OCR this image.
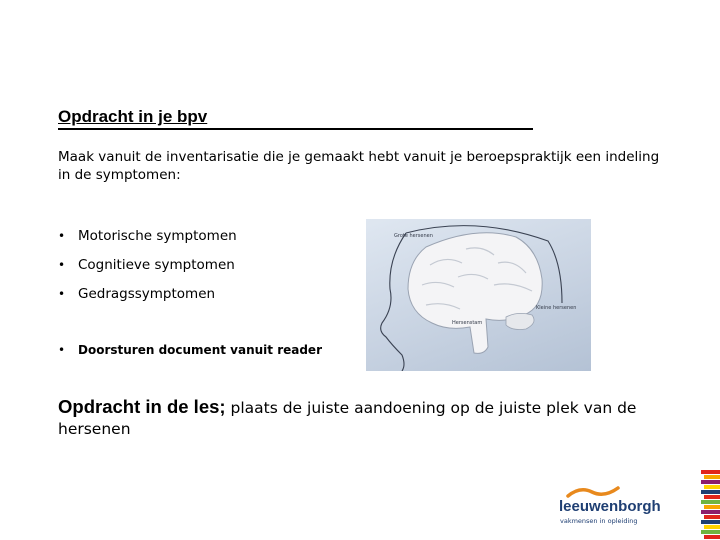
Opdracht in je bpv

Maak vanuit de inventarisatie die je gemaakt hebt vanuit je beroepspraktijk een indeling in de symptomen:

• Motorische symptomen
• Cognitieve symptomen
• Gedragssymptomen

• Doorsturen document vanuit reader

Grote hersenen
Kleine hersenen
Hersenstam

Opdracht in de les; plaats de juiste aandoening op de juiste plek van de hersenen

leeuwenborgh
vakmensen in opleiding
